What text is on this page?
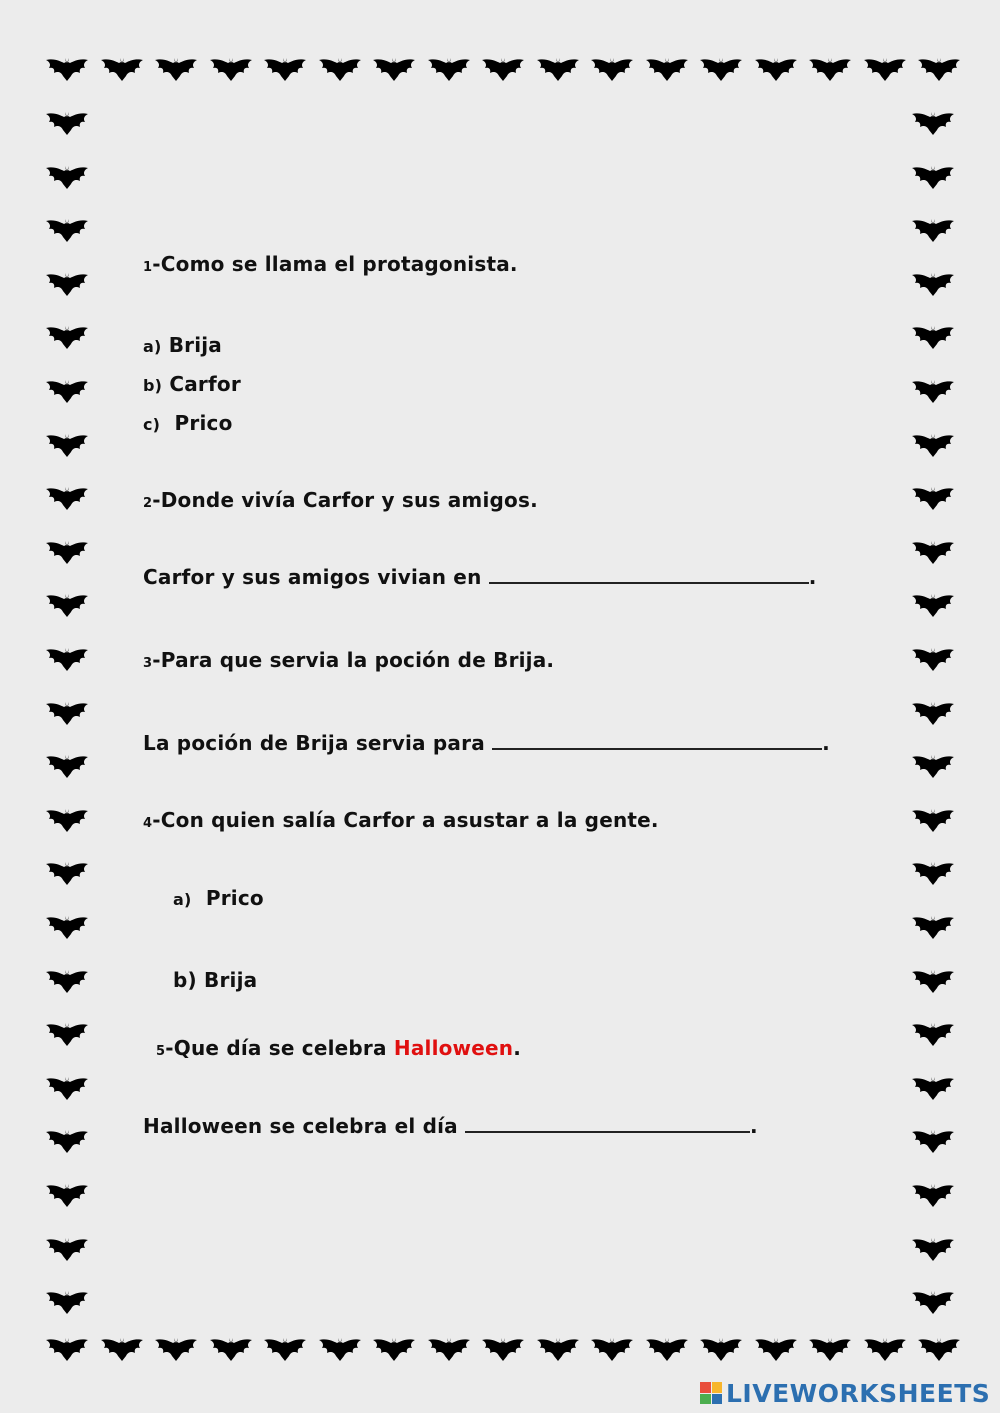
1-Como se llama el protagonista.
a) Brija
b) Carfor
c) Prico
2-Donde vivía Carfor y sus amigos.
Carfor y sus amigos vivian en	.
3-Para que servia la poción de Brija.
La poción de Brija servia para	.
4-Con quien salía Carfor a asustar a la gente.
a) Prico
b) Brija
5-Que día se celebra Halloween.
Halloween se celebra el día	.
LIVEWORKSHEETS
